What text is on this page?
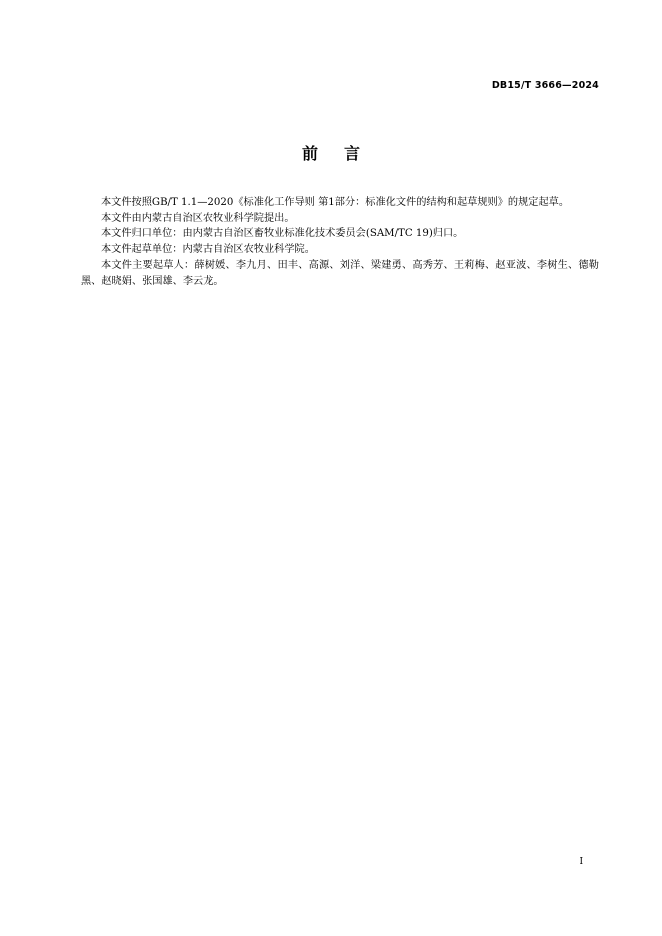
DB15/T 3666—2024
前言

本文件按照GB/T 1.1—2020《标准化工作导则 第1部分：标准化文件的结构和起草规则》的规定起草。

本文件由内蒙古自治区农牧业科学院提出。

本文件归口单位：由内蒙古自治区畜牧业标准化技术委员会(SAM/TC 19)归口。

本文件起草单位：内蒙古自治区农牧业科学院。

本文件主要起草人：薛树媛、李九月、田丰、高源、刘洋、梁建勇、高秀芳、王莉梅、赵亚波、李树生、德勒黑、赵晓娟、张国雄、李云龙。

I
